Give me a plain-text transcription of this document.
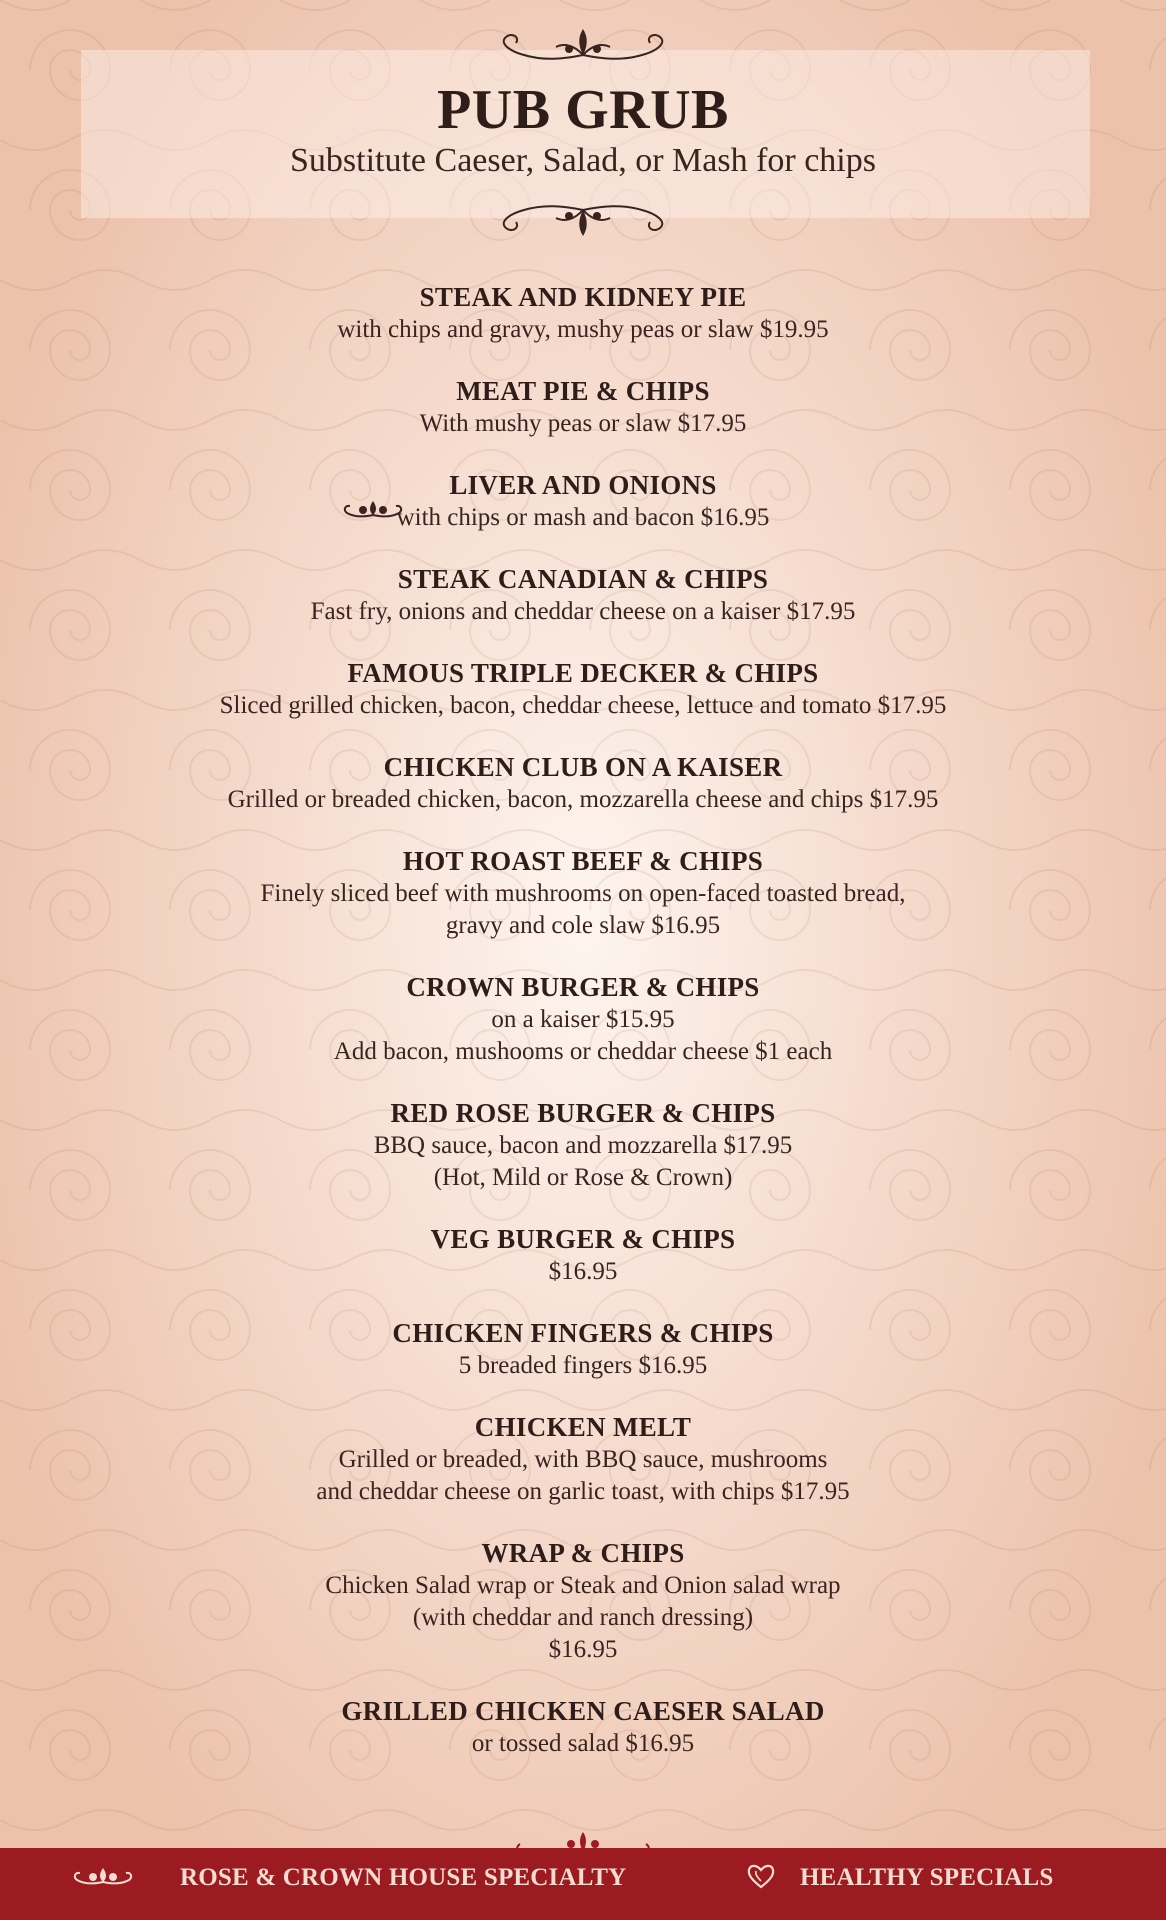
PUB GRUB
Substitute Caeser, Salad, or Mash for chips
STEAK AND KIDNEY PIE
with chips and gravy, mushy peas or slaw $19.95
MEAT PIE & CHIPS
With mushy peas or slaw $17.95
LIVER AND ONIONS
with chips or mash and bacon $16.95
STEAK CANADIAN & CHIPS
Fast fry, onions and cheddar cheese on a kaiser $17.95
FAMOUS TRIPLE DECKER & CHIPS
Sliced grilled chicken, bacon, cheddar cheese, lettuce and tomato $17.95
CHICKEN CLUB ON A KAISER
Grilled or breaded chicken, bacon, mozzarella cheese and chips $17.95
HOT ROAST BEEF & CHIPS
Finely sliced beef with mushrooms on open-faced toasted bread,
gravy and cole slaw $16.95
CROWN BURGER & CHIPS
on a kaiser $15.95
Add bacon, mushooms or cheddar cheese $1 each
RED ROSE BURGER & CHIPS
BBQ sauce, bacon and mozzarella $17.95
(Hot, Mild or Rose & Crown)
VEG BURGER & CHIPS
$16.95
CHICKEN FINGERS & CHIPS
5 breaded fingers $16.95
CHICKEN MELT
Grilled or breaded, with BBQ sauce, mushrooms
and cheddar cheese on garlic toast, with chips $17.95
WRAP & CHIPS
Chicken Salad wrap or Steak and Onion salad wrap
(with cheddar and ranch dressing)
$16.95
GRILLED CHICKEN CAESER SALAD
or tossed salad $16.95
ROSE & CROWN HOUSE SPECIALTY	HEALTHY SPECIALS
